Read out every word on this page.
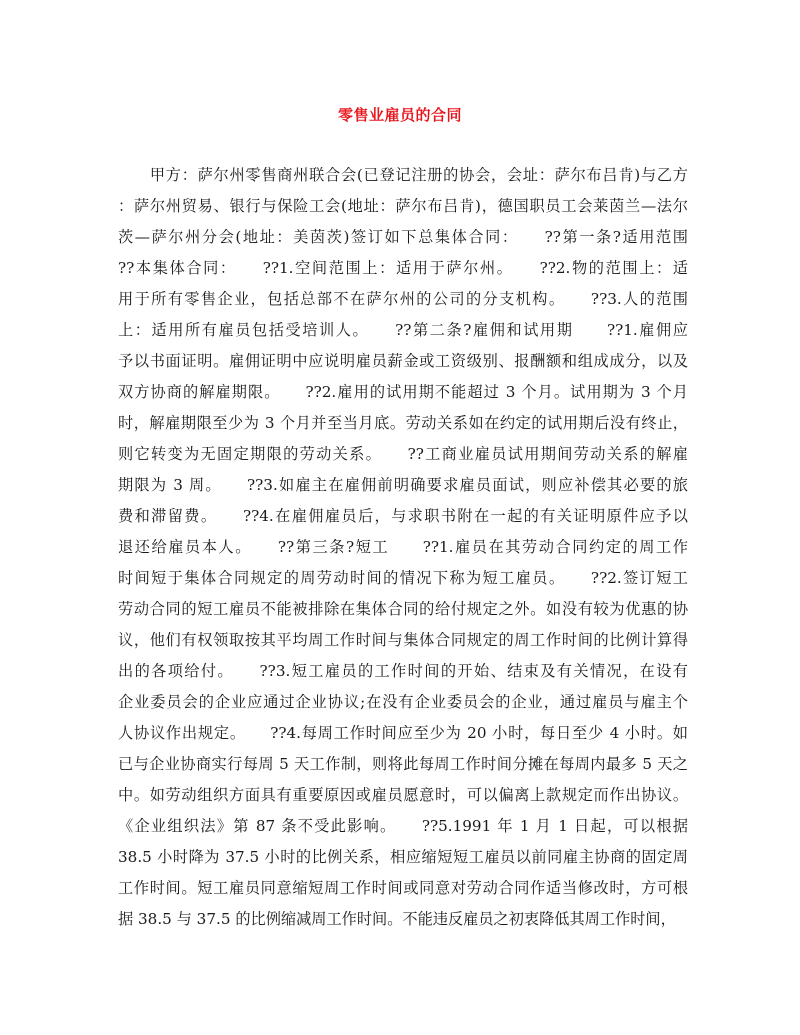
零售业雇员的合同
　　甲方：萨尔州零售商州联合会(已登记注册的协会，会址：萨尔布吕肯)与乙方
：萨尔州贸易、银行与保险工会(地址：萨尔布吕肯)，德国职员工会莱茵兰—法尔
茨—萨尔州分会(地址：美茵茨)签订如下总集体合同：　　??第一条?适用范围
??本集体合同：　　??1.空间范围上：适用于萨尔州。　　??2.物的范围上：适
用于所有零售企业，包括总部不在萨尔州的公司的分支机构。　　??3.人的范围
上：适用所有雇员包括受培训人。　　??第二条?雇佣和试用期　　??1.雇佣应
予以书面证明。雇佣证明中应说明雇员薪金或工资级别、报酬额和组成成分，以及
双方协商的解雇期限。　　??2.雇用的试用期不能超过 3 个月。试用期为 3 个月
时，解雇期限至少为 3 个月并至当月底。劳动关系如在约定的试用期后没有终止，
则它转变为无固定期限的劳动关系。　　??工商业雇员试用期间劳动关系的解雇
期限为 3 周。　　??3.如雇主在雇佣前明确要求雇员面试，则应补偿其必要的旅
费和滞留费。　　??4.在雇佣雇员后，与求职书附在一起的有关证明原件应予以
退还给雇员本人。　　??第三条?短工　　??1.雇员在其劳动合同约定的周工作
时间短于集体合同规定的周劳动时间的情况下称为短工雇员。　　??2.签订短工
劳动合同的短工雇员不能被排除在集体合同的给付规定之外。如没有较为优惠的协
议，他们有权领取按其平均周工作时间与集体合同规定的周工作时间的比例计算得
出的各项给付。　　??3.短工雇员的工作时间的开始、结束及有关情况，在设有
企业委员会的企业应通过企业协议;在没有企业委员会的企业，通过雇员与雇主个
人协议作出规定。　　??4.每周工作时间应至少为 20 小时，每日至少 4 小时。如
已与企业协商实行每周 5 天工作制，则将此每周工作时间分摊在每周内最多 5 天之
中。如劳动组织方面具有重要原因或雇员愿意时，可以偏离上款规定而作出协议。
《企业组织法》第 87 条不受此影响。　　??5.1991 年 1 月 1 日起，可以根据
38.5 小时降为 37.5 小时的比例关系，相应缩短短工雇员以前同雇主协商的固定周
工作时间。短工雇员同意缩短周工作时间或同意对劳动合同作适当修改时，方可根
据 38.5 与 37.5 的比例缩减周工作时间。不能违反雇员之初衷降低其周工作时间，
